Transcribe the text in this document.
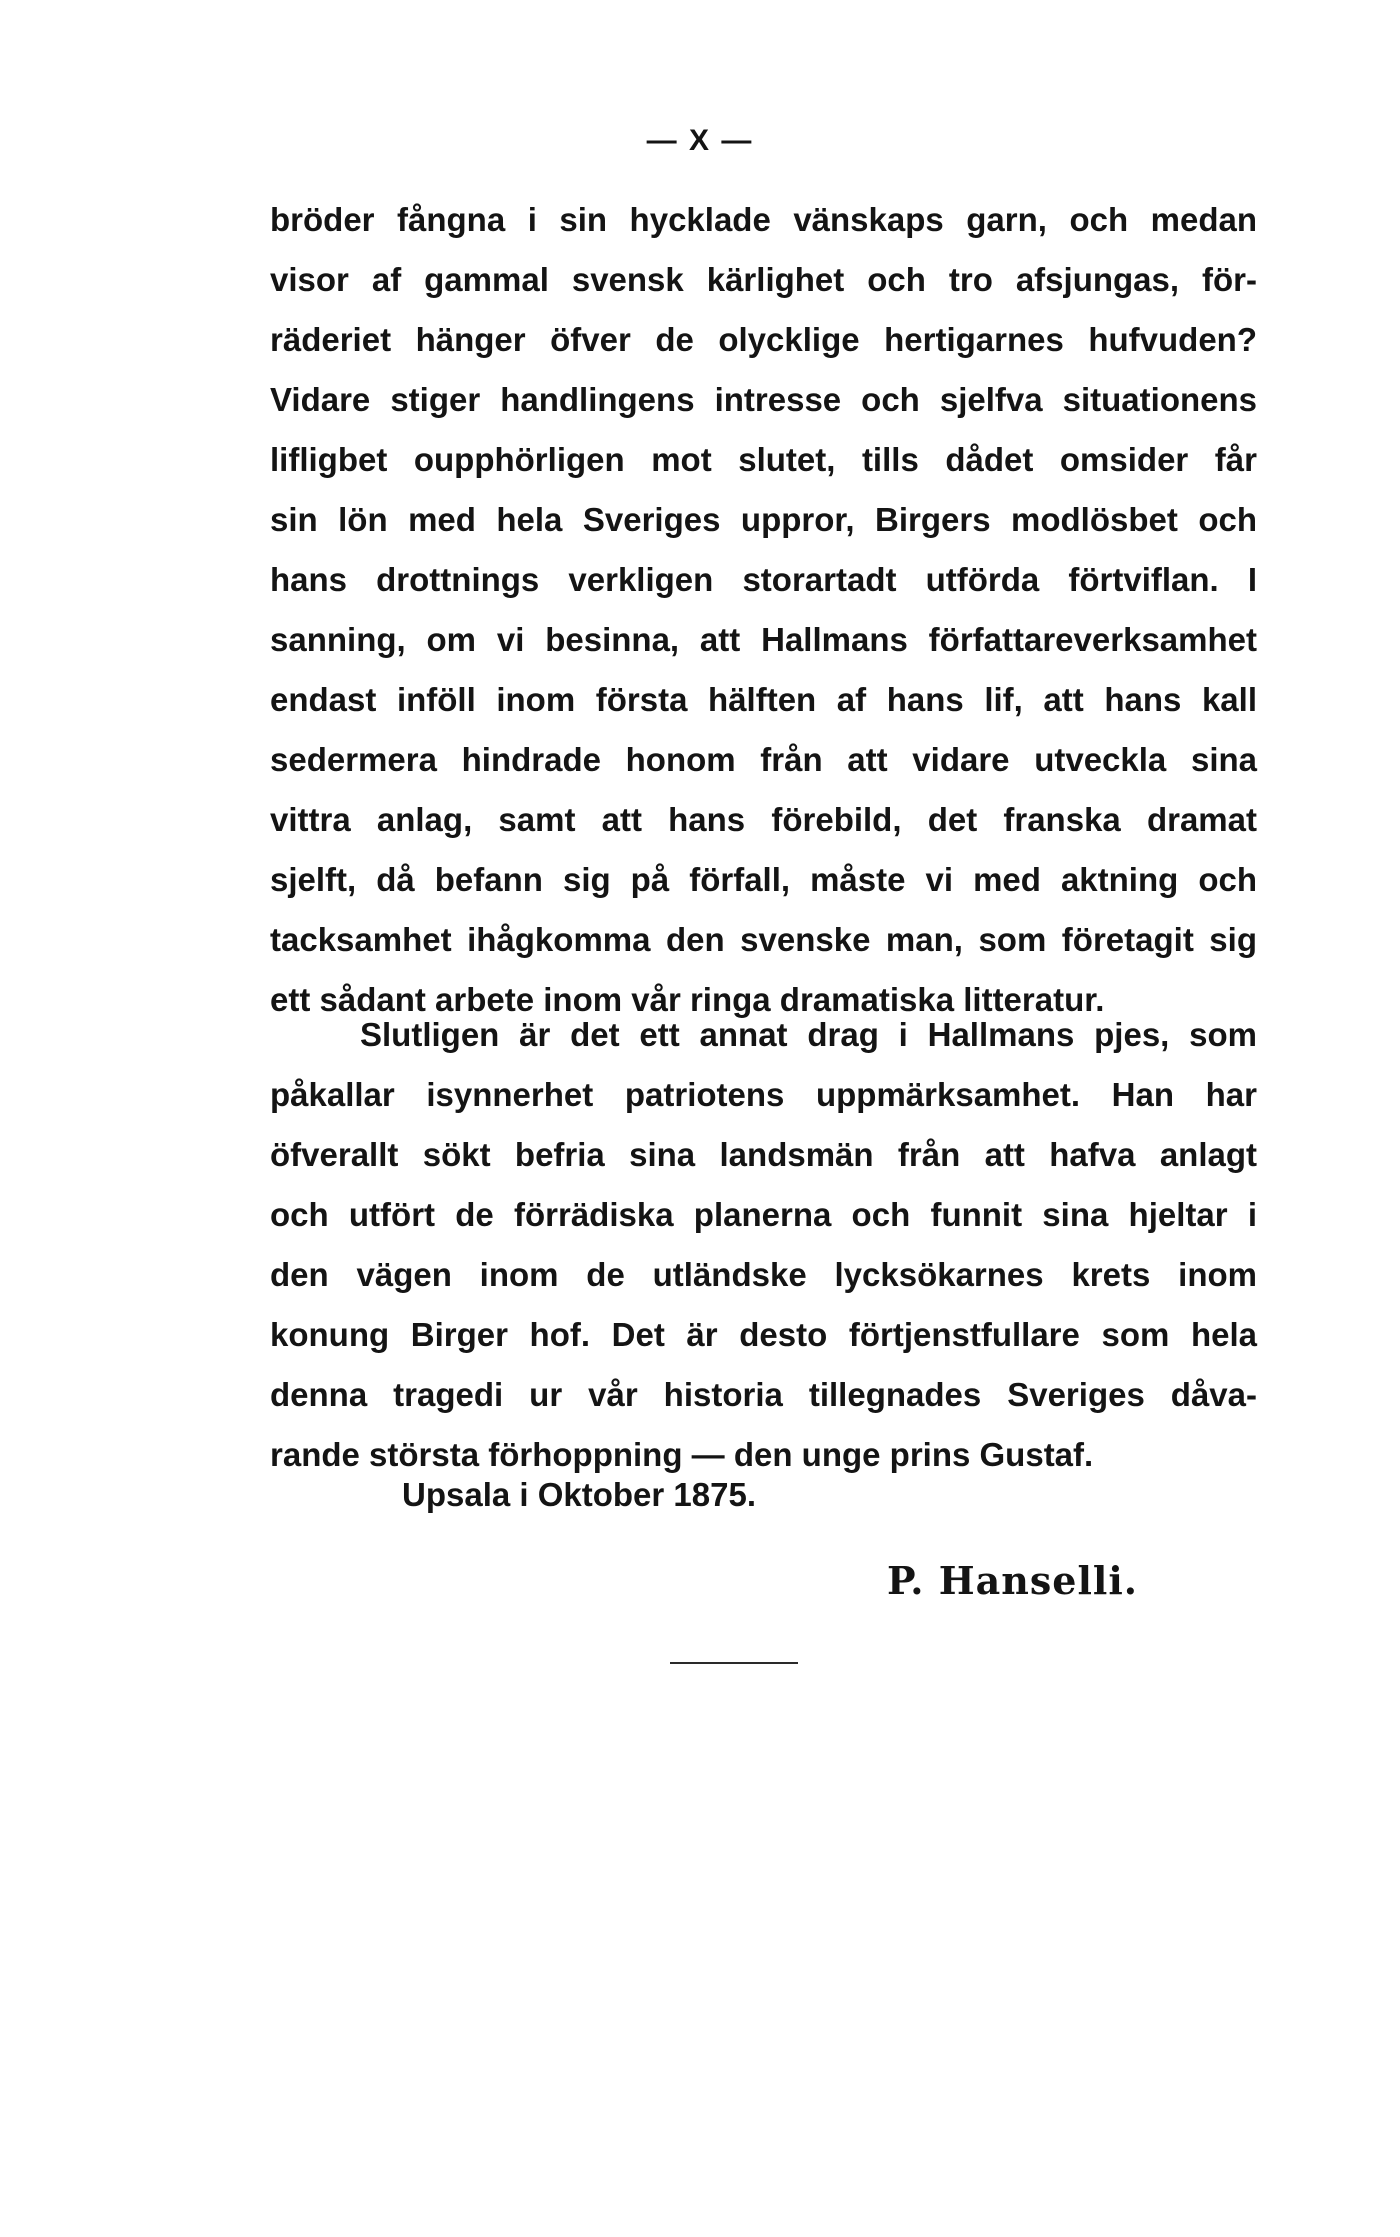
— X —
bröder fångna i sin hycklade vänskaps garn, och medan
visor af gammal svensk kärlighet och tro afsjungas, för-
räderiet hänger öfver de olycklige hertigarnes hufvuden?
Vidare stiger handlingens intresse och sjelfva situationens
lifligbet oupphörligen mot slutet, tills dådet omsider får
sin lön med hela Sveriges uppror, Birgers modlösbet och
hans drottnings verkligen storartadt utförda förtviflan. I
sanning, om vi besinna, att Hallmans författareverksamhet
endast inföll inom första hälften af hans lif, att hans kall
sedermera hindrade honom från att vidare utveckla sina
vittra anlag, samt att hans förebild, det franska dramat
sjelft, då befann sig på förfall, måste vi med aktning och
tacksamhet ihågkomma den svenske man, som företagit sig
ett sådant arbete inom vår ringa dramatiska litteratur.
Slutligen är det ett annat drag i Hallmans pjes, som
påkallar isynnerhet patriotens uppmärksamhet. Han har
öfverallt sökt befria sina landsmän från att hafva anlagt
och utfört de förrädiska planerna och funnit sina hjeltar i
den vägen inom de utländske lycksökarnes krets inom
konung Birger hof. Det är desto förtjenstfullare som hela
denna tragedi ur vår historia tillegnades Sveriges dåva-
rande största förhoppning — den unge prins Gustaf.
Upsala i Oktober 1875.
P. Hanselli.
